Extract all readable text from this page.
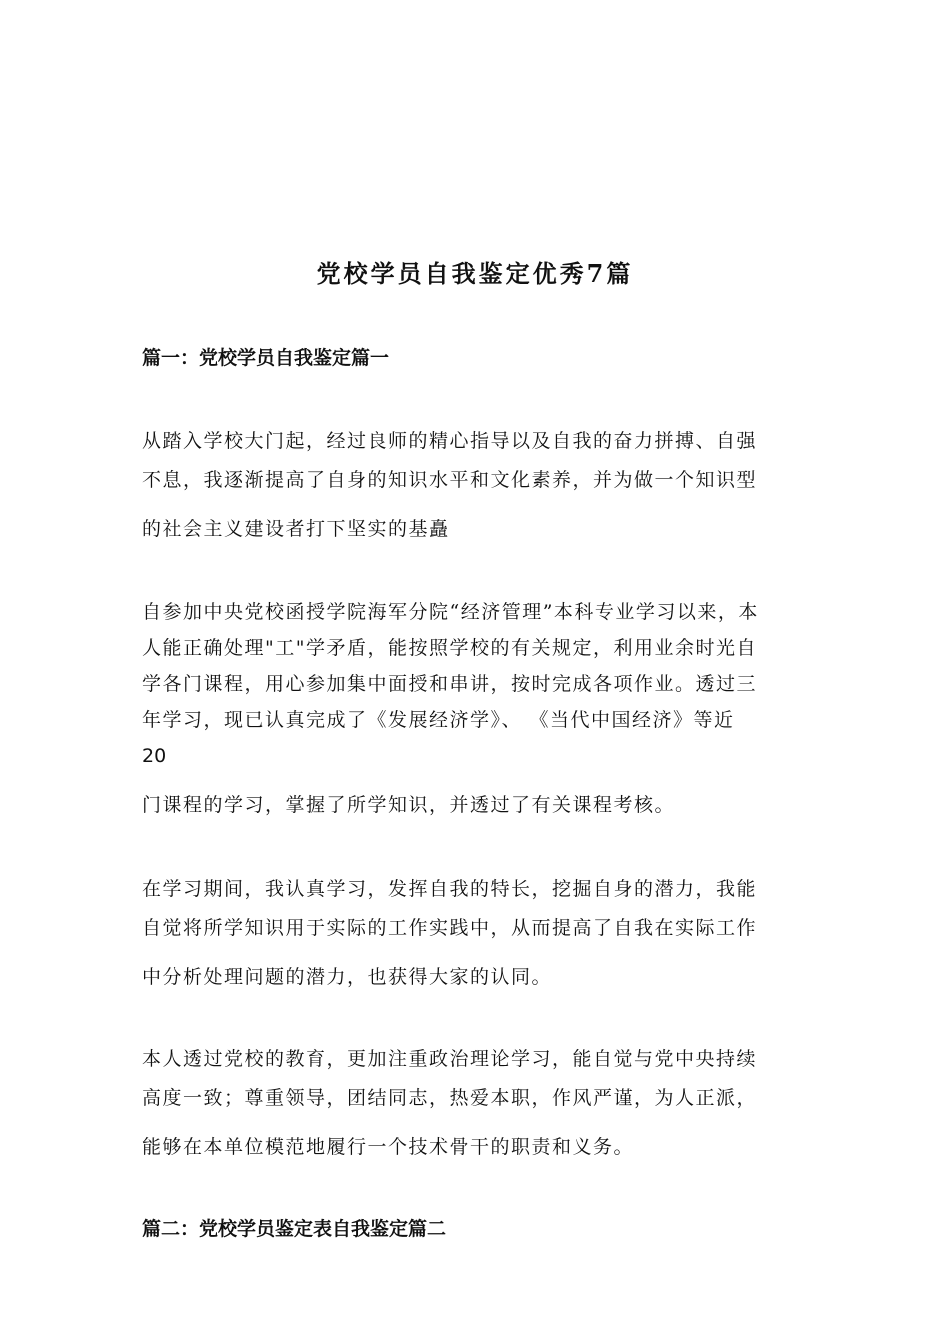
党校学员自我鉴定优秀7篇
篇一：党校学员自我鉴定篇一

从踏入学校大门起，经过良师的精心指导以及自我的奋力拼搏、自强

不息，我逐渐提高了自身的知识水平和文化素养，并为做一个知识型

的社会主义建设者打下坚实的基矗

自参加中央党校函授学院海军分院“经济管理”本科专业学习以来，本

人能正确处理"工"学矛盾，能按照学校的有关规定，利用业余时光自

学各门课程，用心参加集中面授和串讲，按时完成各项作业。透过三

年学习，现已认真完成了《发展经济学》、 《当代中国经济》等近

20

门课程的学习，掌握了所学知识，并透过了有关课程考核。

在学习期间，我认真学习，发挥自我的特长，挖掘自身的潜力，我能

自觉将所学知识用于实际的工作实践中，从而提高了自我在实际工作

中分析处理问题的潜力，也获得大家的认同。

本人透过党校的教育，更加注重政治理论学习，能自觉与党中央持续

高度一致；尊重领导，团结同志，热爱本职，作风严谨，为人正派，

能够在本单位模范地履行一个技术骨干的职责和义务。

篇二：党校学员鉴定表自我鉴定篇二
